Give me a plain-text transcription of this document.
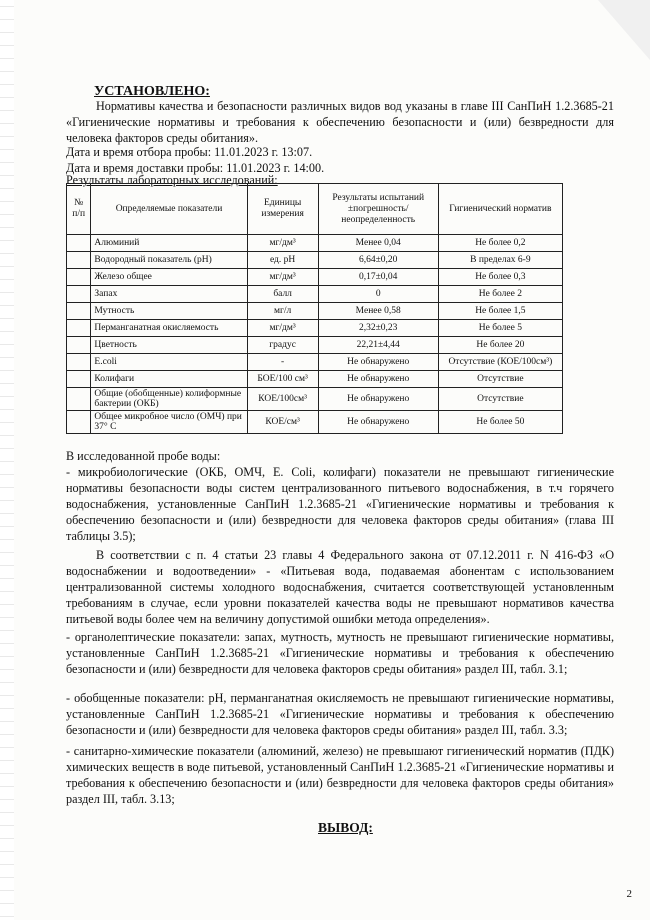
УСТАНОВЛЕНО:
Нормативы качества и безопасности различных видов вод указаны в главе III СанПиН 1.2.3685-21 «Гигиенические нормативы и требования к обеспечению безопасности и (или) безвредности для человека факторов среды обитания».
Дата и время отбора пробы: 11.01.2023 г. 13:07.
Дата и время доставки пробы: 11.01.2023 г. 14:00.
Результаты лабораторных исследований:
№ п/п	Определяемые показатели	Единицы измерения	Результаты испытаний ±погрешность/ неопределенность	Гигиенический норматив
	Алюминий	мг/дм³	Менее 0,04	Не более 0,2
	Водородный показатель (рН)	ед. рН	6,64±0,20	В пределах 6-9
	Железо общее	мг/дм³	0,17±0,04	Не более 0,3
	Запах	балл	0	Не более 2
	Мутность	мг/л	Менее 0,58	Не более 1,5
	Перманганатная окисляемость	мг/дм³	2,32±0,23	Не более 5
	Цветность	градус	22,21±4,44	Не более 20
	E.coli	-	Не обнаружено	Отсутствие (КОЕ/100см³)
	Колифаги	БОЕ/100 см³	Не обнаружено	Отсутствие
	Общие (обобщенные) колиформные бактерии (ОКБ)	КОЕ/100см³	Не обнаружено	Отсутствие
	Общее микробное число (ОМЧ) при 37° С	КОЕ/см³	Не обнаружено	Не более 50
В исследованной пробе воды:
- микробиологические (ОКБ, ОМЧ, E. Coli, колифаги) показатели не превышают гигиенические нормативы безопасности воды систем централизованного питьевого водоснабжения, в т.ч горячего водоснабжения, установленные СанПиН 1.2.3685-21 «Гигиенические нормативы и требования к обеспечению безопасности и (или) безвредности для человека факторов среды обитания» (глава III таблицы 3.5);
В соответствии с п. 4 статьи 23 главы 4 Федерального закона от 07.12.2011 г. N 416-ФЗ «О водоснабжении и водоотведении» - «Питьевая вода, подаваемая абонентам с использованием централизованной системы холодного водоснабжения, считается соответствующей установленным требованиям в случае, если уровни показателей качества воды не превышают нормативов качества питьевой воды более чем на величину допустимой ошибки метода определения».
- органолептические показатели: запах, мутность, мутность не превышают гигиенические нормативы, установленные СанПиН 1.2.3685-21 «Гигиенические нормативы и требования к обеспечению безопасности и (или) безвредности для человека факторов среды обитания» раздел III, табл. 3.1;
- обобщенные показатели: pH, перманганатная окисляемость не превышают гигиенические нормативы, установленные СанПиН 1.2.3685-21 «Гигиенические нормативы и требования к обеспечению безопасности и (или) безвредности для человека факторов среды обитания» раздел III, табл. 3.3;
- санитарно-химические показатели (алюминий, железо) не превышают гигиенический норматив (ПДК) химических веществ в воде питьевой, установленный СанПиН 1.2.3685-21 «Гигиенические нормативы и требования к обеспечению безопасности и (или) безвредности для человека факторов среды обитания» раздел III, табл. 3.13;
ВЫВОД:
2
